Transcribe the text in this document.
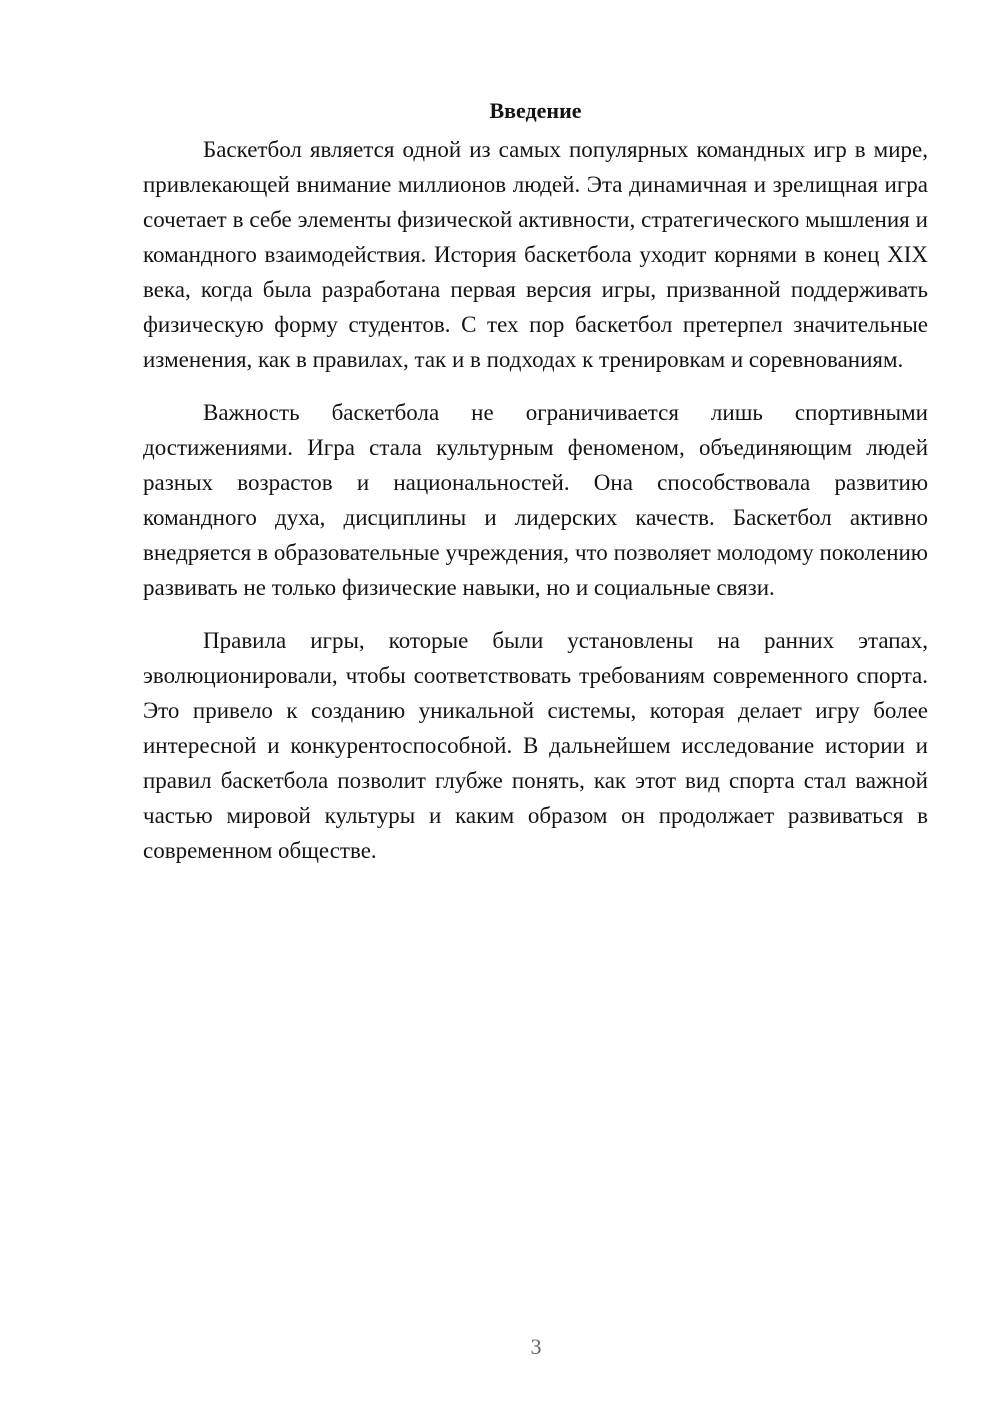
Введение

Баскетбол является одной из самых популярных командных игр в мире, привлекающей внимание миллионов людей. Эта динамичная и зрелищная игра сочетает в себе элементы физической активности, стратегического мышления и командного взаимодействия. История баскетбола уходит корнями в конец XIX века, когда была разработана первая версия игры, призванной поддерживать физическую форму студентов. С тех пор баскетбол претерпел значительные изменения, как в правилах, так и в подходах к тренировкам и соревнованиям.

Важность баскетбола не ограничивается лишь спортивными достижениями. Игра стала культурным феноменом, объединяющим людей разных возрастов и национальностей. Она способствовала развитию командного духа, дисциплины и лидерских качеств. Баскетбол активно внедряется в образовательные учреждения, что позволяет молодому поколению развивать не только физические навыки, но и социальные связи.

Правила игры, которые были установлены на ранних этапах, эволюционировали, чтобы соответствовать требованиям современного спорта. Это привело к созданию уникальной системы, которая делает игру более интересной и конкурентоспособной. В дальнейшем исследование истории и правил баскетбола позволит глубже понять, как этот вид спорта стал важной частью мировой культуры и каким образом он продолжает развиваться в современном обществе.

3
